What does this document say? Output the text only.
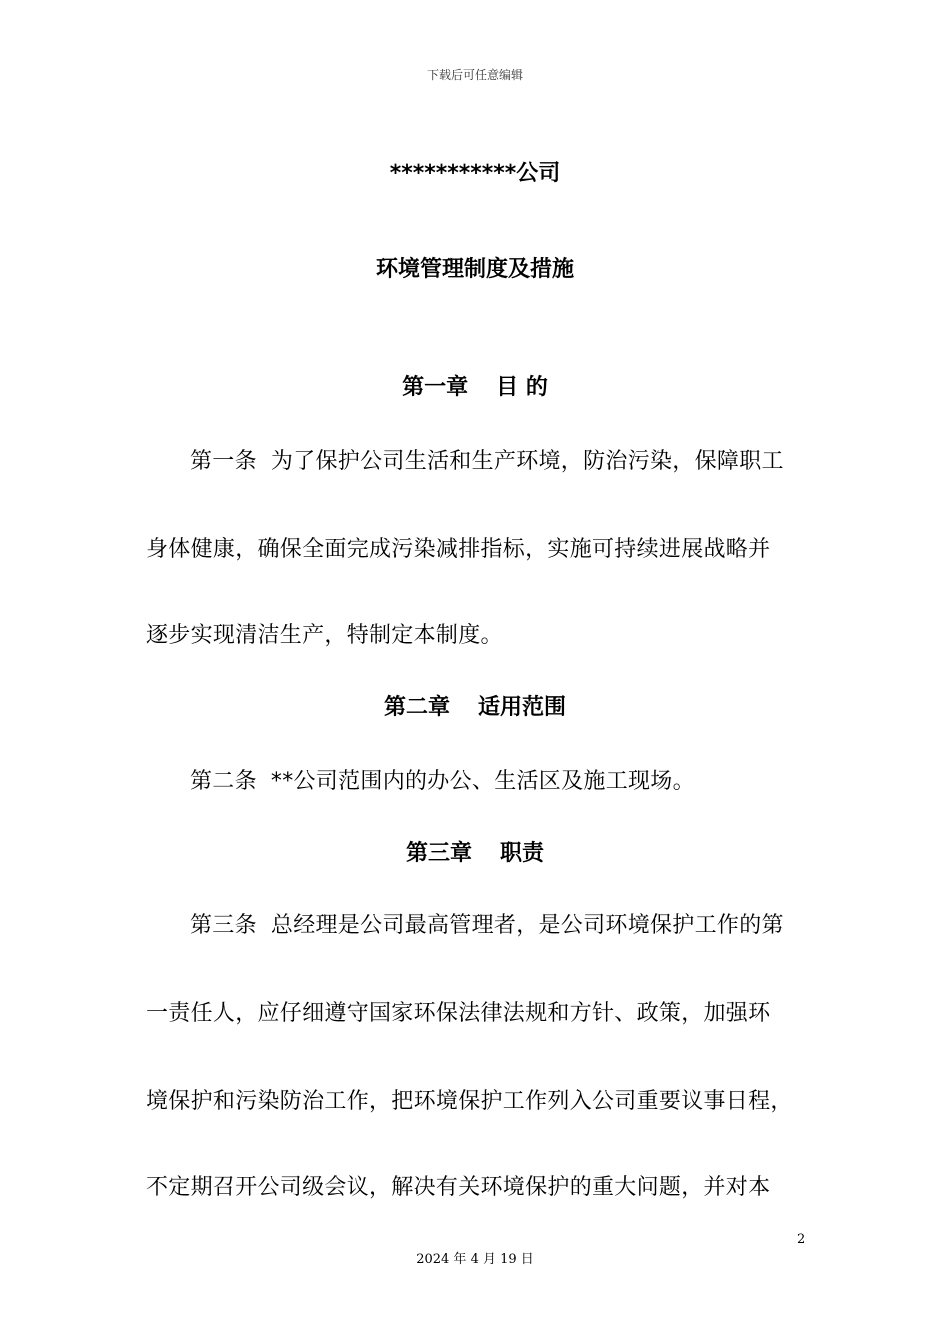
下载后可任意编辑
***********公司
环境管理制度及措施
第一章 目 的
第一条 为了保护公司生活和生产环境，防治污染，保障职工
身体健康，确保全面完成污染减排指标，实施可持续进展战略并
逐步实现清洁生产，特制定本制度。
第二章 适用范围
第二条 **公司范围内的办公、生活区及施工现场。
第三章 职责
第三条 总经理是公司最高管理者，是公司环境保护工作的第
一责任人，应仔细遵守国家环保法律法规和方针、政策，加强环
境保护和污染防治工作，把环境保护工作列入公司重要议事日程，
不定期召开公司级会议，解决有关环境保护的重大问题，并对本
2
2024 年 4 月 19 日
